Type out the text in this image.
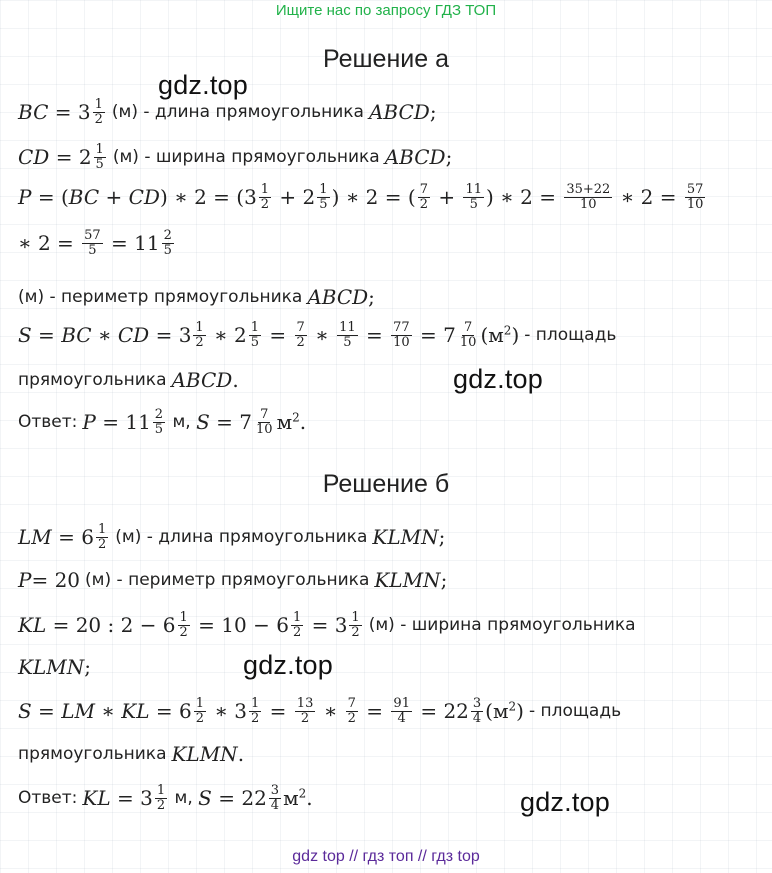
Ищите нас по запросу ГДЗ ТОП
Решение а
gdz.top
BC = $3 \frac{1}{2} (м)$ - длина прямоугольника ABCD ;
CD = $2 \frac{1}{5} (м)$ - ширина прямоугольника ABCD ;
P = ( BC + CD ) ∗ $2 = (3 \frac{1}{2} + 2 \frac{1}{5}$ ) ∗ 2 = ( $\frac{7}{2} + \frac{11}{5}$ ) ∗ $2 = \frac{35+22}{10}$ ∗ $2 = \frac{57}{10}$
∗ $2 = \frac{57}{5} = 11 \frac{2}{5}$
(м) - периметр прямоугольника ABCD ;
S = BC ∗ CD = $3 \frac{1}{2}$ ∗ $2 \frac{1}{5} = \frac{7}{2}$ ∗ $\frac{11}{5} = \frac{77}{10} = 7 \frac{7}{10} (м^2)$ - площадь
прямоугольника ABCD .	gdz.top
Ответ: $P = 11 \frac{2}{5} м$, $S = 7 \frac{7}{10} м^2$.
Решение б
LM = $6 \frac{1}{2} (м)$ - длина прямоугольника KLMN ;
P = 20 (м) - периметр прямоугольника KLMN ;
KL = 20 : $2 - 6 \frac{1}{2} = 10 - 6 \frac{1}{2} = 3 \frac{1}{2} (м)$ - ширина прямоугольника
KLMN ;	gdz.top
S = LM ∗ KL = $6 \frac{1}{2}$ ∗ $3 \frac{1}{2} = \frac{13}{2}$ ∗ $\frac{7}{2} = \frac{91}{4} = 22 \frac{3}{4} (м^2)$ - площадь
прямоугольника KLMN .
Ответ: KL = $3 \frac{1}{2} м$, $S = 22 \frac{3}{4} м^2$.	gdz.top
gdz top // гдз топ // гдз top
